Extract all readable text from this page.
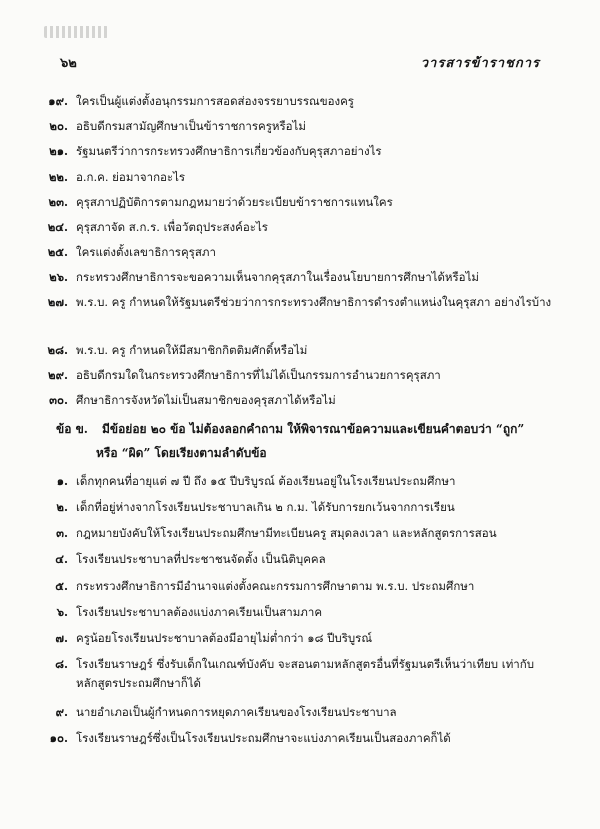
๖๒	วารสารข้าราชการ
๑๙. ใครเป็นผู้แต่งตั้งอนุกรรมการสอดส่องจรรยาบรรณของครู
๒๐. อธิบดีกรมสามัญศึกษาเป็นข้าราชการครูหรือไม่
๒๑. รัฐมนตรีว่าการกระทรวงศึกษาธิการเกี่ยวข้องกับคุรุสภาอย่างไร
๒๒. อ.ก.ค. ย่อมาจากอะไร
๒๓. คุรุสภาปฏิบัติการตามกฎหมายว่าด้วยระเบียบข้าราชการแทนใคร
๒๔. คุรุสภาจัด ส.ก.ร. เพื่อวัตถุประสงค์อะไร
๒๕. ใครแต่งตั้งเลขาธิการคุรุสภา
๒๖. กระทรวงศึกษาธิการจะขอความเห็นจากคุรุสภาในเรื่องนโยบายการศึกษาได้หรือไม่
๒๗. พ.ร.บ. ครู กำหนดให้รัฐมนตรีช่วยว่าการกระทรวงศึกษาธิการดำรงตำแหน่งในคุรุสภา อย่างไรบ้าง
๒๘. พ.ร.บ. ครู กำหนดให้มีสมาชิกกิตติมศักดิ์หรือไม่
๒๙. อธิบดีกรมใดในกระทรวงศึกษาธิการที่ไม่ได้เป็นกรรมการอำนวยการคุรุสภา
๓๐. ศึกษาธิการจังหวัดไม่เป็นสมาชิกของคุรุสภาได้หรือไม่
ข้อ ข. มีข้อย่อย ๒๐ ข้อ ไม่ต้องลอกคำถาม ให้พิจารณาข้อความและเขียนคำตอบว่า “ถูก”
หรือ “ผิด” โดยเรียงตามลำดับข้อ
๑. เด็กทุกคนที่อายุแต่ ๗ ปี ถึง ๑๕ ปีบริบูรณ์ ต้องเรียนอยู่ในโรงเรียนประถมศึกษา
๒. เด็กที่อยู่ห่างจากโรงเรียนประชาบาลเกิน ๒ ก.ม. ได้รับการยกเว้นจากการเรียน
๓. กฎหมายบังคับให้โรงเรียนประถมศึกษามีทะเบียนครู สมุดลงเวลา และหลักสูตรการสอน
๔. โรงเรียนประชาบาลที่ประชาชนจัดตั้ง เป็นนิติบุคคล
๕. กระทรวงศึกษาธิการมีอำนาจแต่งตั้งคณะกรรมการศึกษาตาม พ.ร.บ. ประถมศึกษา
๖. โรงเรียนประชาบาลต้องแบ่งภาคเรียนเป็นสามภาค
๗. ครูน้อยโรงเรียนประชาบาลต้องมีอายุไม่ต่ำกว่า ๑๘ ปีบริบูรณ์
๘. โรงเรียนราษฎร์ ซึ่งรับเด็กในเกณฑ์บังคับ จะสอนตามหลักสูตรอื่นที่รัฐมนตรีเห็นว่าเทียบ เท่ากับหลักสูตรประถมศึกษาก็ได้
๙. นายอำเภอเป็นผู้กำหนดการหยุดภาคเรียนของโรงเรียนประชาบาล
๑๐. โรงเรียนราษฎร์ซึ่งเป็นโรงเรียนประถมศึกษาจะแบ่งภาคเรียนเป็นสองภาคก็ได้
